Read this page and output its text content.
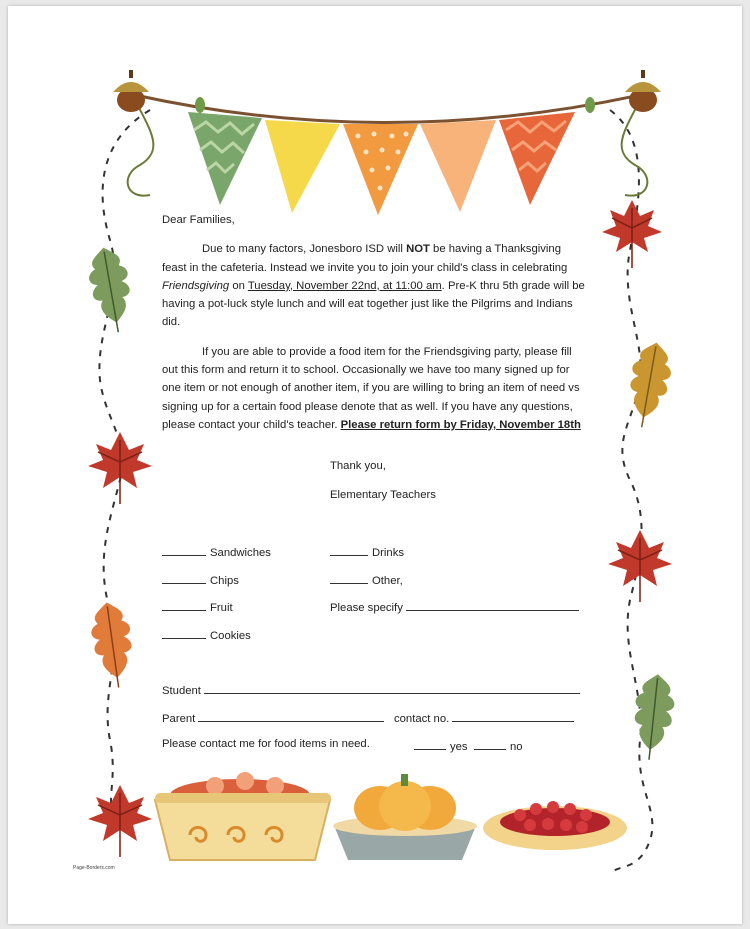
Dear Families,

Due to many factors, Jonesboro ISD will NOT be having a Thanksgiving feast in the cafeteria. Instead we invite you to join your child's class in celebrating Friendsgiving on Tuesday, November 22nd, at 11:00 am. Pre-K thru 5th grade will be having a pot-luck style lunch and will eat together just like the Pilgrims and Indians did.

If you are able to provide a food item for the Friendsgiving party, please fill out this form and return it to school. Occasionally we have too many signed up for one item or not enough of another item, if you are willing to bring an item of need vs signing up for a certain food please denote that as well. If you have any questions, please contact your child's teacher. Please return form by Friday, November 18th

Thank you,
Elementary Teachers
Sandwiches
Chips
Fruit
Cookies
Drinks
Other,
Please specify
Student
Parent	contact no.
Please contact me for food items in need.	yes	no
Page-Borders.com
